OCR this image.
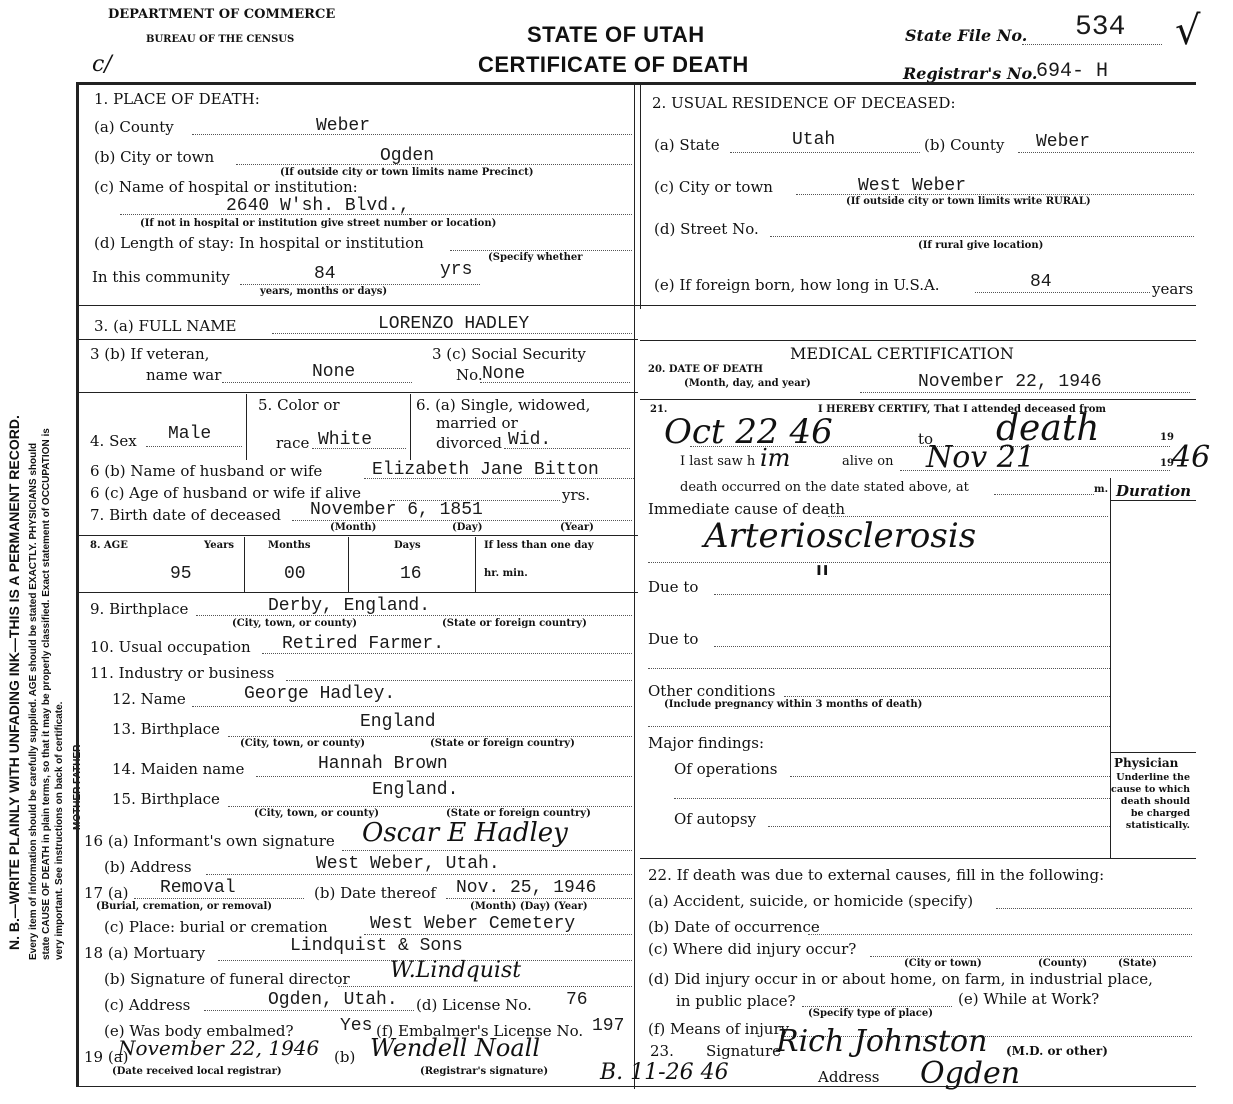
DEPARTMENT OF COMMERCE
BUREAU OF THE CENSUS
c/
STATE OF UTAH
CERTIFICATE OF DEATH
State File No. 534 √
Registrar's No.
694- H
N. B.—WRITE PLAINLY WITH UNFADING INK—THIS IS A PERMANENT RECORD. Every item of information should be carefully supplied. AGE should be stated EXACTLY. PHYSICIANS should state CAUSE OF DEATH in plain terms, so that it may be properly classified. Exact statement of OCCUPATION is very important. See instructions on back of certificate. MOTHER FATHER
1. PLACE OF DEATH:
(a) County	Weber
(b) City or town	Ogden
(If outside city or town limits name Precinct)
(c) Name of hospital or institution:
2640 W'sh. Blvd.,
(If not in hospital or institution give street number or location)
(d) Length of stay: In hospital or institution
In this community	84	yrs
(Specify whether
years, months or days)
2. USUAL RESIDENCE OF DECEASED:
(a) State	Utah	(b) County Weber
(c) City or town	West Weber
(If outside city or town limits write RURAL)
(d) Street No.
(If rural give location)
(e) If foreign born, how long in U.S.A.	84	years
3. (a) FULL NAME	LORENZO HADLEY
3 (b) If veteran,
name war	None
3 (c) Social Security
No. None
4. Sex Male
5. Color or
race White
6. (a) Single, widowed,
married or
divorced Wid.
6 (b) Name of husband or wife	Elizabeth Jane Bitton
6 (c) Age of husband or wife if alive	yrs.
7. Birth date of deceased November 6, 1851
(Month)	(Day)	(Year)
8. AGE	Years	Months	Days	If less than one day
95	00	16	hr. min.
9. Birthplace	Derby, England.
(City, town, or county)	(State or foreign country)
10. Usual occupation Retired Farmer.
11. Industry or business
12. Name	George Hadley.
13. Birthplace	England
(City, town, or county)	(State or foreign country)
14. Maiden name	Hannah Brown
15. Birthplace	England.
(City, town, or county)	(State or foreign country)
16 (a) Informant's own signature Oscar E Hadley
(b) Address	West Weber, Utah.
17 (a) Removal
(Burial, cremation, or removal)
(b) Date thereof Nov. 25, 1946
(Month) (Day) (Year)
(c) Place: burial or cremation West Weber Cemetery
18 (a) Mortuary	Lindquist & Sons
(b) Signature of funeral director W.Lindquist
(c) Address	Ogden, Utah. (d) License No. 76
(e) Was body embalmed?	Yes (f) Embalmer's License No. 197
19 (a)
November 22, 1946 (b) Wendell Noall
(Date received local registrar)	(Registrar's signature) B. 11-26 46
MEDICAL CERTIFICATION
20. DATE OF DEATH
(Month, day, and year)	November 22, 1946
21.	I HEREBY CERTIFY, That I attended deceased from
Oct 22 46	to death	19
I last saw h im	alive on Nov 21	19
46
death occurred on the date stated above, at	m. Duration
Immediate cause of death
Arteriosclerosis
Due to	"
Due to
Other conditions
(Include pregnancy within 3 months of death)
Major findings:
Of operations
Of autopsy
Physician
Underline the cause to which death should be charged statistically.
22. If death was due to external causes, fill in the following:
(a) Accident, suicide, or homicide (specify)
(b) Date of occurrence
(c) Where did injury occur?
(City or town)	(County)	(State)
(d) Did injury occur in or about home, on farm, in industrial place,
in public place?
(Specify type of place)
(e) While at Work?
(f) Means of injury
23. Signature
Rich Johnston (M.D. or other)
Address Ogden
